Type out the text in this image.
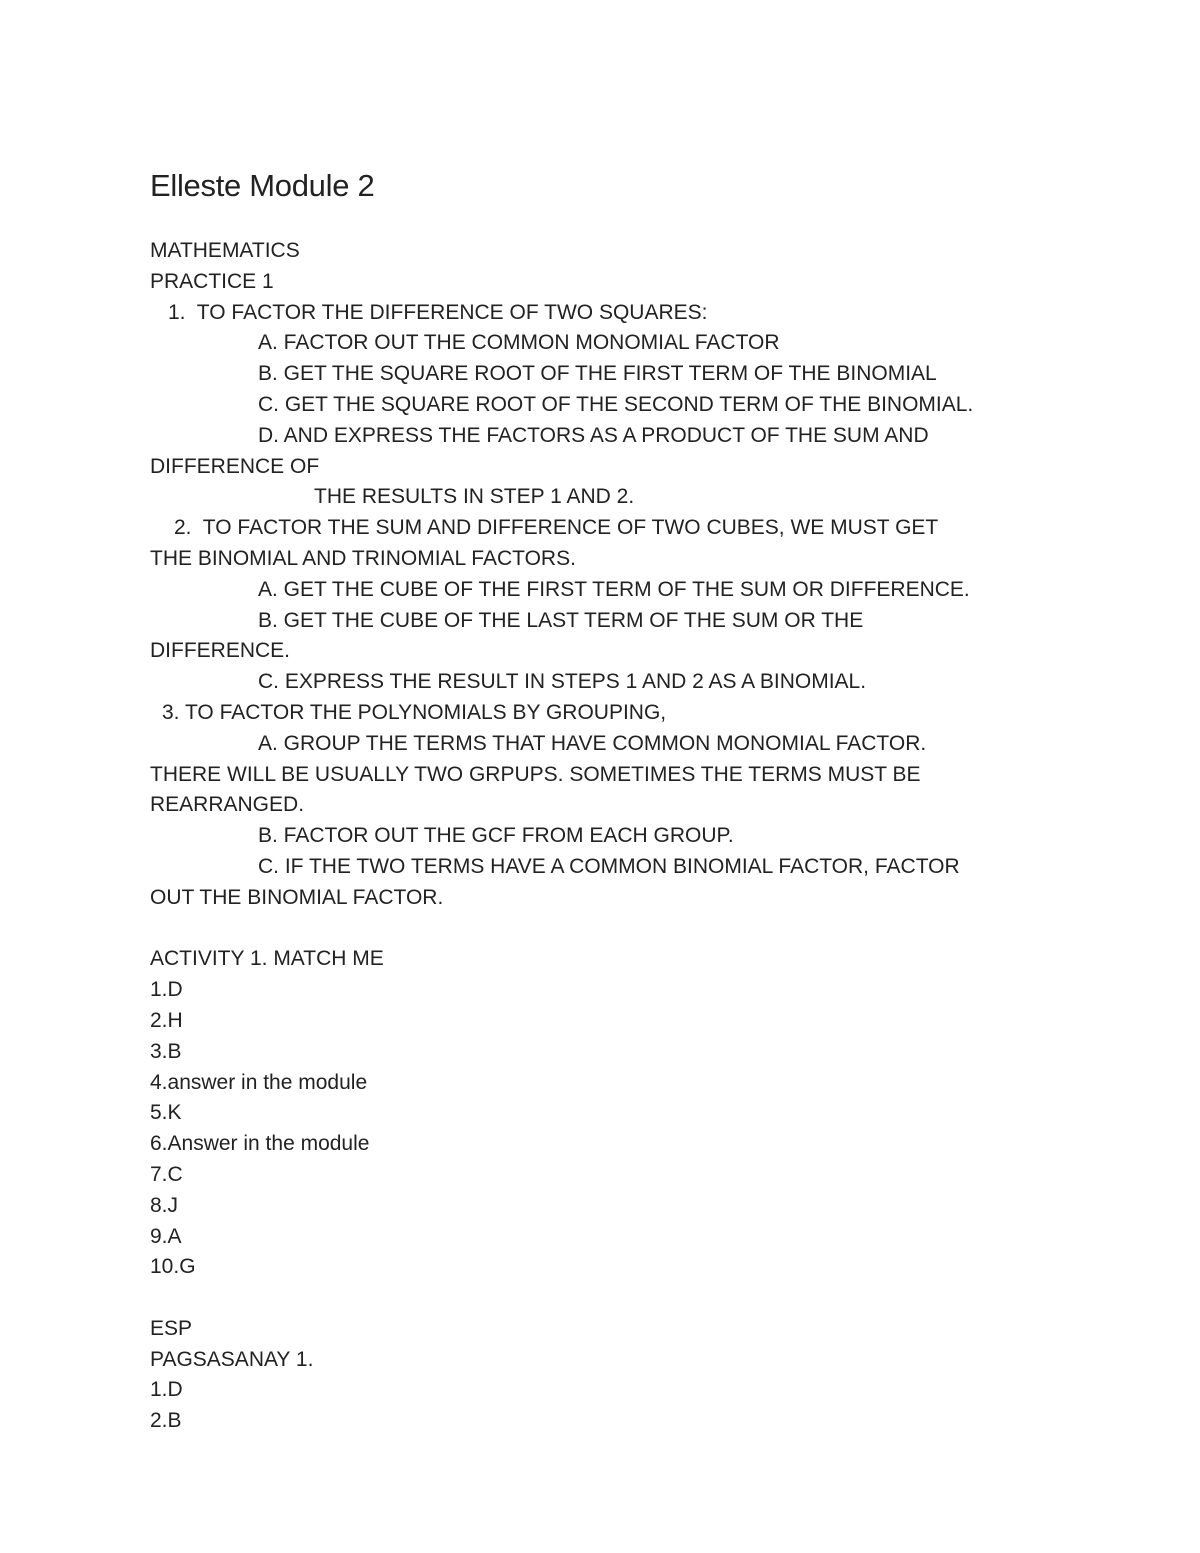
Elleste Module 2

MATHEMATICS

PRACTICE 1

1.  TO FACTOR THE DIFFERENCE OF TWO SQUARES:

A. FACTOR OUT THE COMMON MONOMIAL FACTOR

B. GET THE SQUARE ROOT OF THE FIRST TERM OF THE BINOMIAL

C. GET THE SQUARE ROOT OF THE SECOND TERM OF THE BINOMIAL.

D. AND EXPRESS THE FACTORS AS A PRODUCT OF THE SUM AND

DIFFERENCE OF

THE RESULTS IN STEP 1 AND 2.

2.  TO FACTOR THE SUM AND DIFFERENCE OF TWO CUBES, WE MUST GET

THE BINOMIAL AND TRINOMIAL FACTORS.

A. GET THE CUBE OF THE FIRST TERM OF THE SUM OR DIFFERENCE.

B. GET THE CUBE OF THE LAST TERM OF THE SUM OR THE

DIFFERENCE.

C. EXPRESS THE RESULT IN STEPS 1 AND 2 AS A BINOMIAL.

3. TO FACTOR THE POLYNOMIALS BY GROUPING,

A. GROUP THE TERMS THAT HAVE COMMON MONOMIAL FACTOR.

THERE WILL BE USUALLY TWO GRPUPS. SOMETIMES THE TERMS MUST BE

REARRANGED.

B. FACTOR OUT THE GCF FROM EACH GROUP.

C. IF THE TWO TERMS HAVE A COMMON BINOMIAL FACTOR, FACTOR

OUT THE BINOMIAL FACTOR.

ACTIVITY 1. MATCH ME

1.D

2.H

3.B

4.answer in the module

5.K

6.Answer in the module

7.C

8.J

9.A

10.G

ESP

PAGSASANAY 1.

1.D

2.B
